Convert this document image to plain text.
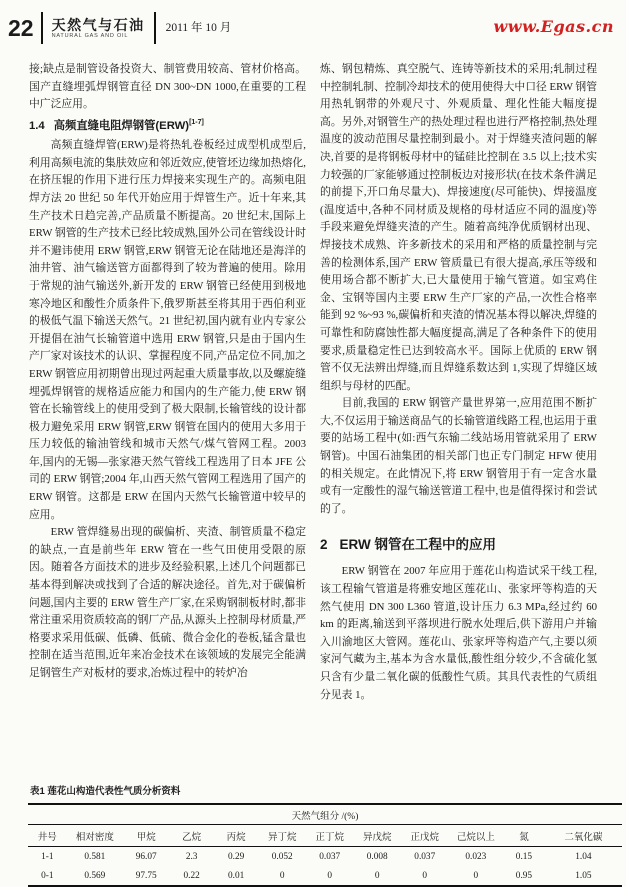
22	天然气与石油
NATURAL GAS AND OIL
2011 年 10 月	www.Egas.cn

接;缺点是制管设备投资大、制管费用较高、管材价格高。国产直缝埋弧焊钢管直径 DN 300~DN 1000,在重要的工程中广泛应用。

1.4 高频直缝电阻焊钢管(ERW)[1-7]

高频直缝焊管(ERW)是将热轧卷板经过成型机成型后,利用高频电流的集肤效应和邻近效应,使管坯边缘加热熔化,在挤压辊的作用下进行压力焊接来实现生产的。高频电阻焊方法 20 世纪 50 年代开始应用于焊管生产。近十年来,其生产技术日趋完善,产品质量不断提高。20 世纪末,国际上 ERW 钢管的生产技术已经比较成熟,国外公司在管线设计时并不避讳使用 ERW 钢管,ERW 钢管无论在陆地还是海洋的油井管、油气输送管方面都得到了较为普遍的使用。除用于常规的油气输送外,新开发的 ERW 钢管已经使用到极地寒冷地区和酸性介质条件下,俄罗斯甚至将其用于西伯利亚的极低气温下输送天然气。21 世纪初,国内就有业内专家公开提倡在油气长输管道中选用 ERW 钢管,只是由于国内生产厂家对该技术的认识、掌握程度不同,产品定位不同,加之 ERW 钢管应用初期曾出现过两起重大质量事故,以及螺旋缝埋弧焊钢管的规格适应能力和国内的生产能力,使 ERW 钢管在长输管线上的使用受到了极大限制,长输管线的设计都极力避免采用 ERW 钢管,ERW 钢管在国内的使用大多用于压力较低的输油管线和城市天然气/煤气管网工程。2003 年,国内的无锡—张家港天然气管线工程选用了日本 JFE 公司的 ERW 钢管;2004 年,山西天然气管网工程选用了国产的 ERW 钢管。这都是 ERW 在国内天然气长输管道中较早的应用。

ERW 管焊缝易出现的碳偏析、夹渣、制管质量不稳定的缺点,一直是前些年 ERW 管在一些气田使用受限的原因。随着各方面技术的进步及经验积累,上述几个问题都已基本得到解决或找到了合适的解决途径。首先,对于碳偏析问题,国内主要的 ERW 管生产厂家,在采购钢制板材时,都非常注重采用资质较高的钢厂产品,从源头上控制母材质量,严格要求采用低碳、低磷、低硫、微合金化的卷板,锰含量也控制在适当范围,近年来冶金技术在该领域的发展完全能满足钢管生产对板材的要求,冶炼过程中的转炉冶

炼、钢包精炼、真空脱气、连铸等新技术的采用;轧制过程中控制轧制、控制冷却技术的使用使得大中口径 ERW 钢管用热轧钢带的外观尺寸、外观质量、理化性能大幅度提高。另外,对钢管生产的热处理过程也进行严格控制,热处理温度的波动范围尽量控制到最小。对于焊缝夹渣问题的解决,首要的是将钢板母材中的锰硅比控制在 3.5 以上;技术实力较强的厂家能够通过控制板边对接形状(在技术条件满足的前提下,开口角尽量大)、焊接速度(尽可能快)、焊接温度(温度适中,各种不同材质及规格的母材适应不同的温度)等手段来避免焊缝夹渣的产生。随着高纯净优质钢材出现、焊接技术成熟、许多新技术的采用和严格的质量控制与完善的检测体系,国产 ERW 管质量已有很大提高,承压等级和使用场合都不断扩大,已大量使用于输气管道。如宝鸡住金、宝钢等国内主要 ERW 生产厂家的产品,一次性合格率能到 92 %~93 %,碳偏析和夹渣的情况基本得以解决,焊缝的可靠性和防腐蚀性都大幅度提高,满足了各种条件下的使用要求,质量稳定性已达到较高水平。国际上优质的 ERW 钢管不仅无法辨出焊缝,而且焊缝系数达到 1,实现了焊缝区域组织与母材的匹配。

目前,我国的 ERW 钢管产量世界第一,应用范围不断扩大,不仅运用于输送商品气的长输管道线路工程,也运用于重要的站场工程中(如:西气东输二线站场用管就采用了 ERW 钢管)。中国石油集团的相关部门也正专门制定 HFW 使用的相关规定。在此情况下,将 ERW 钢管用于有一定含水量或有一定酸性的湿气输送管道工程中,也是值得探讨和尝试的了。

2 ERW 钢管在工程中的应用

ERW 钢管在 2007 年应用于莲花山构造试采干线工程,该工程输气管道是将雅安地区莲花山、张家坪等构造的天然气使用 DN 300 L360 管道,设计压力 6.3 MPa,经过约 60 km 的距离,输送到平落坝进行脱水处理后,供下游用户并输入川渝地区大管网。莲花山、张家坪等构造产气,主要以须家河气藏为主,基本为含水量低,酸性组分较少,不含硫化氢只含有少量二氧化碳的低酸性气质。其具代表性的气质组分见表 1。

表1 莲花山构造代表性气质分析资料
天然气组分 /(%)											
井号	相对密度	甲烷	乙烷	丙烷	异丁烷	正丁烷	异戊烷	正戊烷	己烷以上	氮	二氧化碳
1-1	0.581	96.07	2.3	0.29	0.052	0.037	0.008	0.037	0.023	0.15	1.04
0-1	0.569	97.75	0.22	0.01	0	0	0	0	0	0.95	1.05
